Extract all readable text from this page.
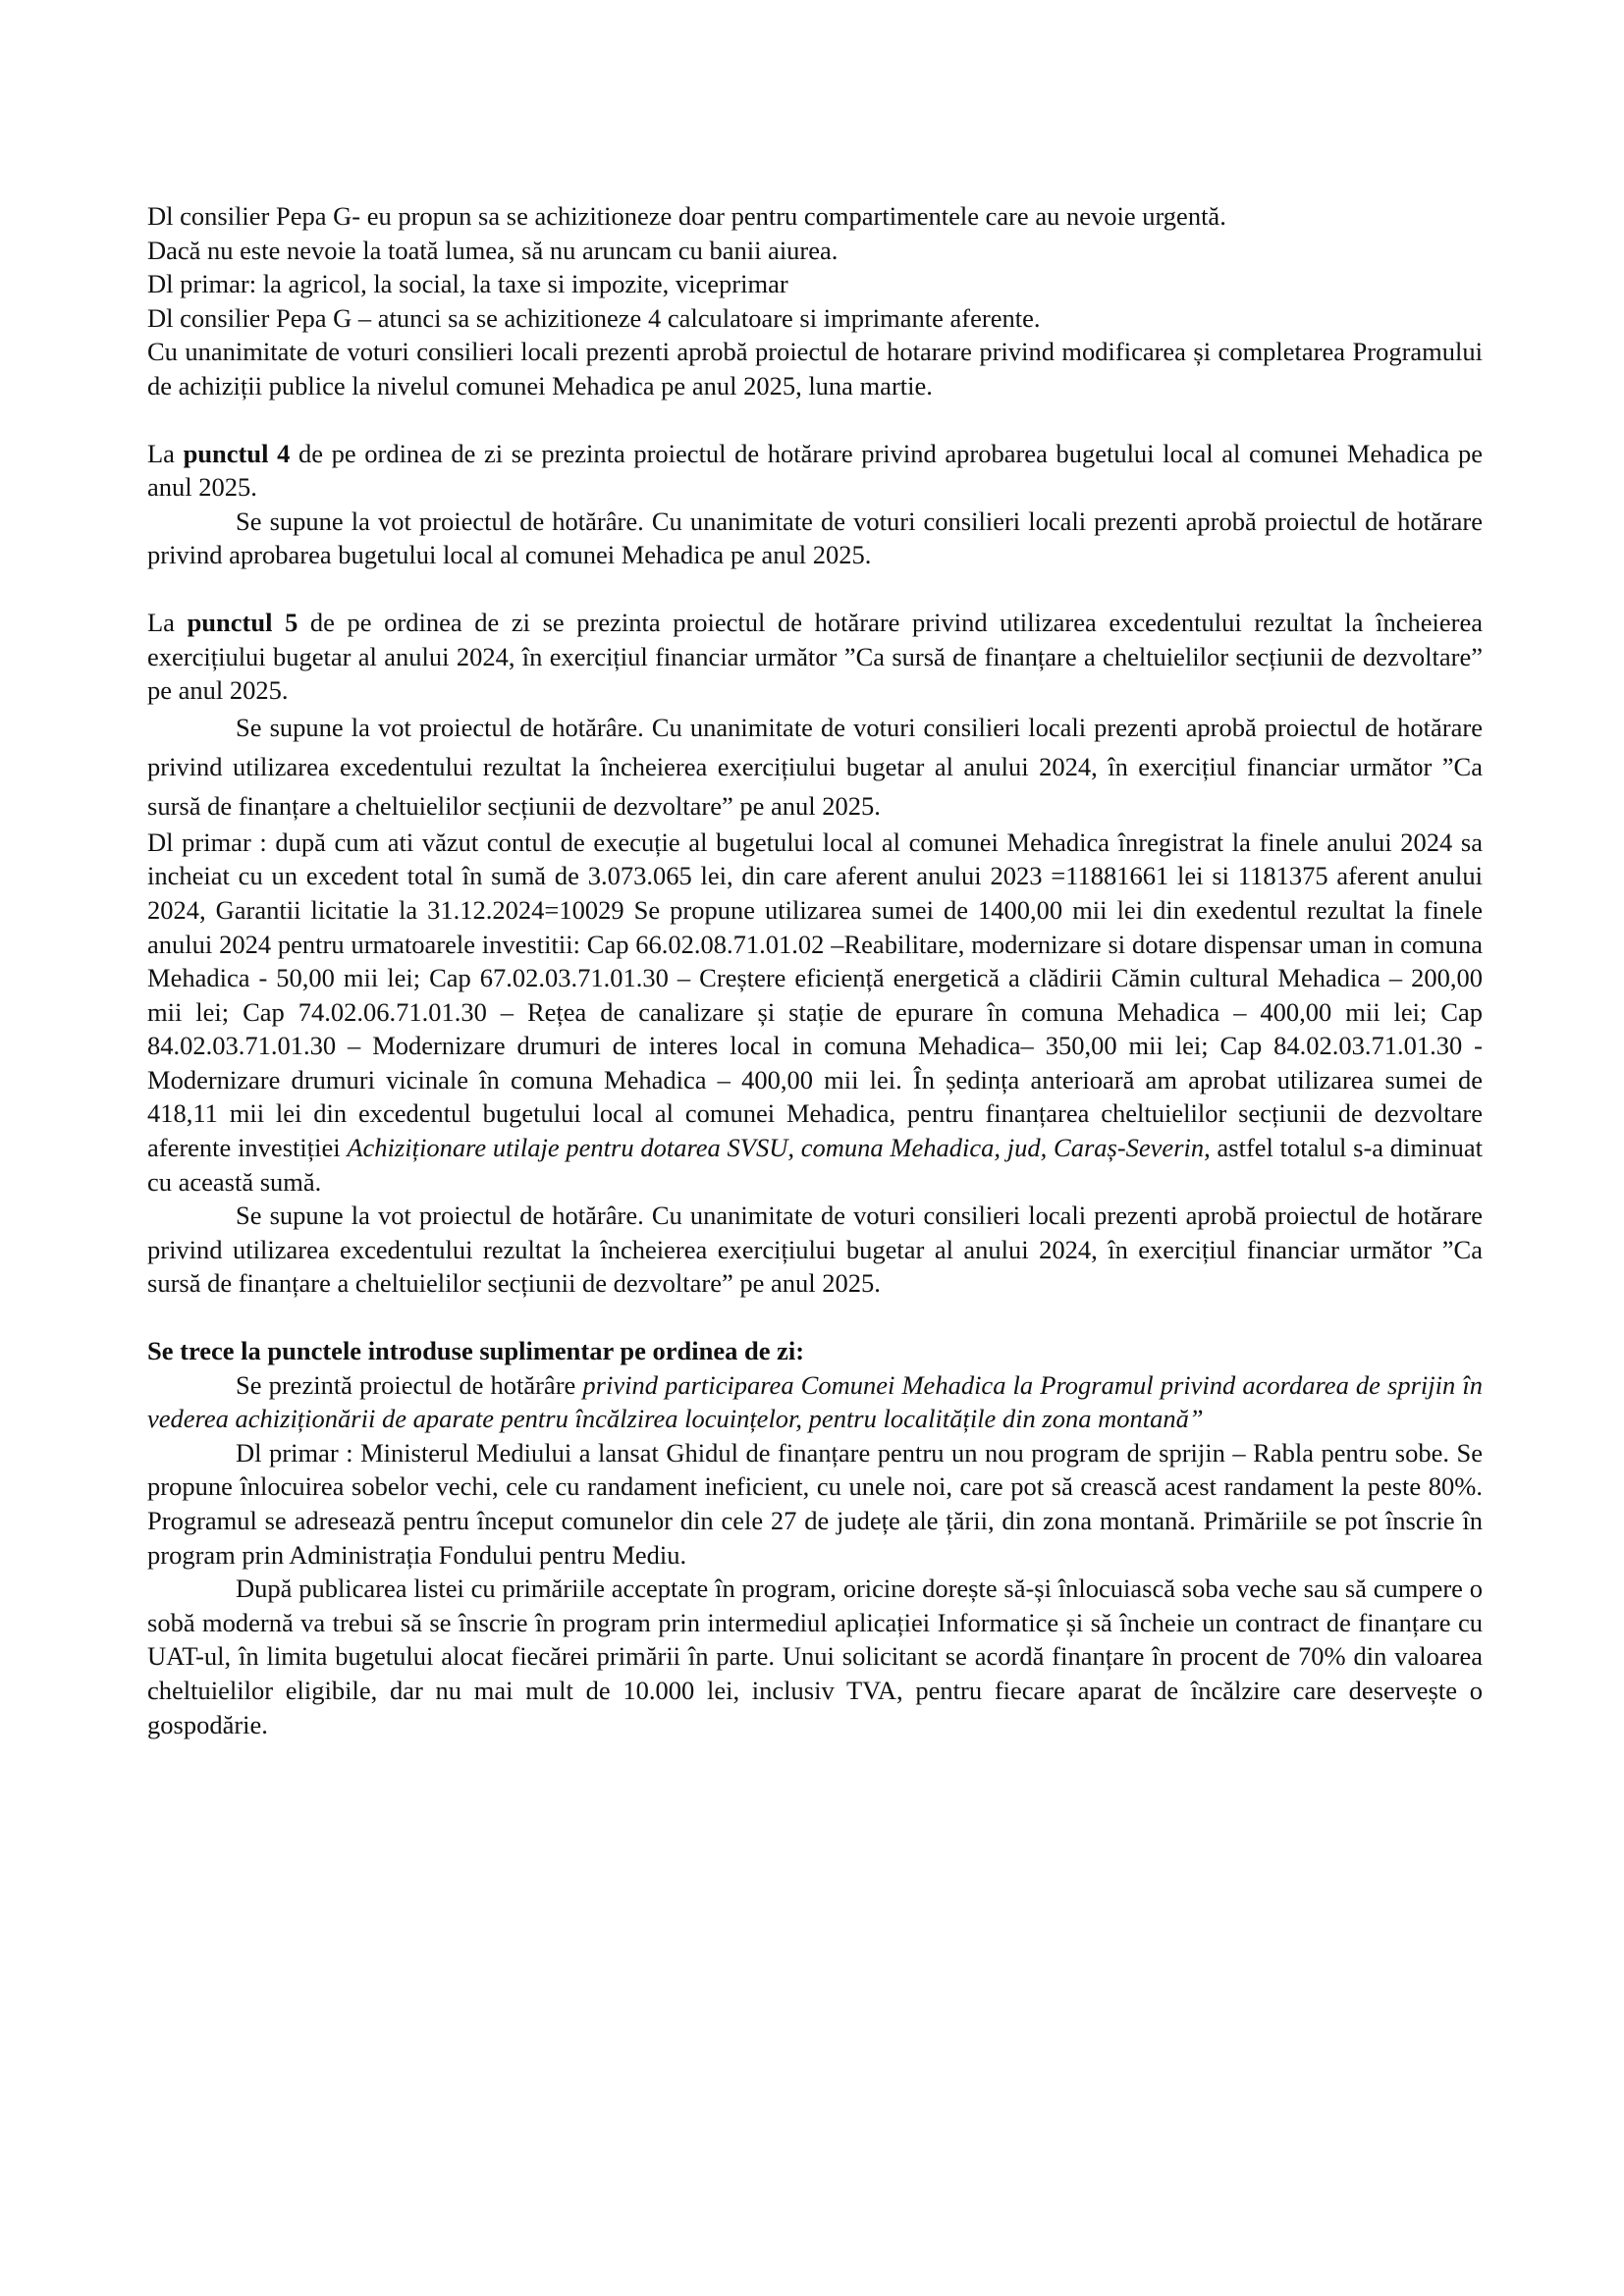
Dl consilier Pepa G- eu propun sa se achizitioneze doar pentru compartimentele care au nevoie urgentă.

Dacă nu este nevoie la toată lumea, să nu aruncam cu banii aiurea.

Dl primar: la agricol, la social, la taxe si impozite, viceprimar

Dl consilier Pepa G – atunci sa se achizitioneze 4 calculatoare si imprimante aferente.

Cu unanimitate de voturi consilieri locali prezenti aprobă proiectul de hotarare privind modificarea și completarea Programului de achiziții publice la nivelul comunei Mehadica pe anul 2025, luna martie.

La punctul 4 de pe ordinea de zi se prezinta proiectul de hotărare privind aprobarea bugetului local al comunei Mehadica pe anul 2025.

Se supune la vot proiectul de hotărâre. Cu unanimitate de voturi consilieri locali prezenti aprobă proiectul de hotărare privind aprobarea bugetului local al comunei Mehadica pe anul 2025.

La punctul 5 de pe ordinea de zi se prezinta proiectul de hotărare privind utilizarea excedentului rezultat la încheierea exercițiului bugetar al anului 2024, în exercițiul financiar următor ”Ca sursă de finanțare a cheltuielilor secțiunii de dezvoltare” pe anul 2025.

Se supune la vot proiectul de hotărâre. Cu unanimitate de voturi consilieri locali prezenti aprobă proiectul de hotărare privind utilizarea excedentului rezultat la încheierea exercițiului bugetar al anului 2024, în exercițiul financiar următor ”Ca sursă de finanțare a cheltuielilor secțiunii de dezvoltare” pe anul 2025.

Dl primar : după cum ati văzut contul de execuție al bugetului local al comunei Mehadica înregistrat la finele anului 2024 sa incheiat cu un excedent total în sumă de 3.073.065 lei, din care aferent anului 2023 =11881661 lei si 1181375 aferent anului 2024, Garantii licitatie la 31.12.2024=10029 Se propune utilizarea sumei de 1400,00 mii lei din exedentul rezultat la finele anului 2024 pentru urmatoarele investitii: Cap 66.02.08.71.01.02 –Reabilitare, modernizare si dotare dispensar uman in comuna Mehadica - 50,00 mii lei; Cap 67.02.03.71.01.30 – Creștere eficiență energetică a clădirii Cămin cultural Mehadica – 200,00 mii lei; Cap 74.02.06.71.01.30 – Rețea de canalizare și stație de epurare în comuna Mehadica – 400,00 mii lei; Cap 84.02.03.71.01.30 – Modernizare drumuri de interes local in comuna Mehadica– 350,00 mii lei; Cap 84.02.03.71.01.30 - Modernizare drumuri vicinale în comuna Mehadica – 400,00 mii lei. În ședința anterioară am aprobat utilizarea sumei de 418,11 mii lei din excedentul bugetului local al comunei Mehadica, pentru finanțarea cheltuielilor secțiunii de dezvoltare aferente investiției Achiziționare utilaje pentru dotarea SVSU, comuna Mehadica, jud, Caraș-Severin, astfel totalul s-a diminuat cu această sumă.

Se supune la vot proiectul de hotărâre. Cu unanimitate de voturi consilieri locali prezenti aprobă proiectul de hotărare privind utilizarea excedentului rezultat la încheierea exercițiului bugetar al anului 2024, în exercițiul financiar următor ”Ca sursă de finanțare a cheltuielilor secțiunii de dezvoltare” pe anul 2025.

Se trece la punctele introduse suplimentar pe ordinea de zi:

Se prezintă proiectul de hotărâre privind participarea Comunei Mehadica la Programul privind acordarea de sprijin în vederea achiziționării de aparate pentru încălzirea locuințelor, pentru localitățile din zona montană”

Dl primar : Ministerul Mediului a lansat Ghidul de finanțare pentru un nou program de sprijin – Rabla pentru sobe. Se propune înlocuirea sobelor vechi, cele cu randament ineficient, cu unele noi, care pot să crească acest randament la peste 80%. Programul se adresează pentru început comunelor din cele 27 de județe ale țării, din zona montană. Primăriile se pot înscrie în program prin Administrația Fondului pentru Mediu.

După publicarea listei cu primăriile acceptate în program, oricine dorește să-și înlocuiască soba veche sau să cumpere o sobă modernă va trebui să se înscrie în program prin intermediul aplicației Informatice și să încheie un contract de finanțare cu UAT-ul, în limita bugetului alocat fiecărei primării în parte. Unui solicitant se acordă finanțare în procent de 70% din valoarea cheltuielilor eligibile, dar nu mai mult de 10.000 lei, inclusiv TVA, pentru fiecare aparat de încălzire care deservește o gospodărie.
